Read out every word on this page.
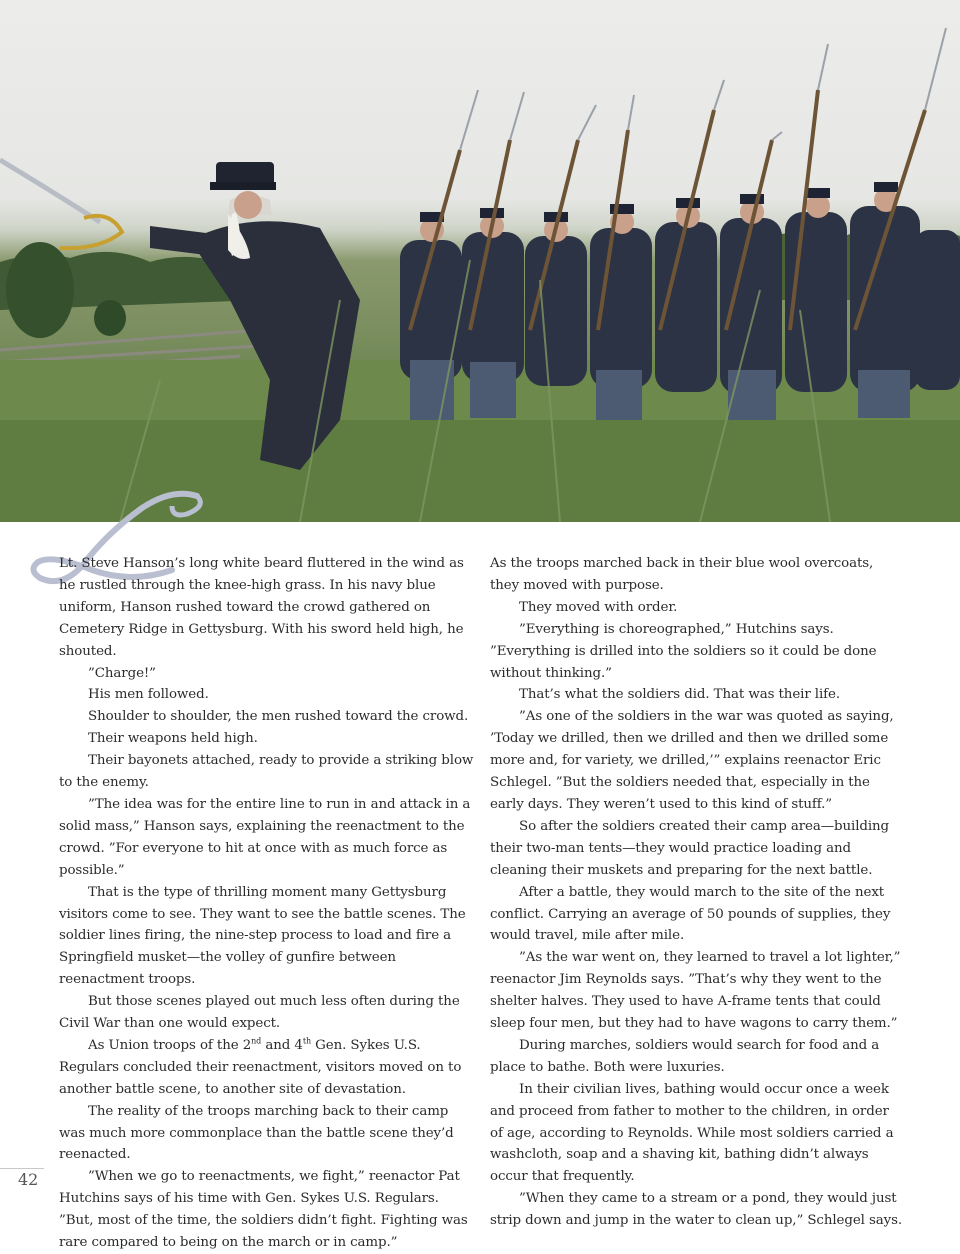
Lt. Steve Hanson’s long white beard fluttered in the wind as he rustled through the knee-high grass. In his navy blue uniform, Hanson rushed toward the crowd gathered on Cemetery Ridge in Gettysburg. With his sword held high, he shouted.

”Charge!”

His men followed.

Shoulder to shoulder, the men rushed toward the crowd.

Their weapons held high.

Their bayonets attached, ready to provide a striking blow to the enemy.

”The idea was for the entire line to run in and attack in a solid mass,” Hanson says, explaining the reenactment to the crowd. ”For everyone to hit at once with as much force as possible.”

That is the type of thrilling moment many Gettysburg visitors come to see. They want to see the battle scenes. The soldier lines firing, the nine-step process to load and fire a Springfield musket—the volley of gunfire between reenactment troops.

But those scenes played out much less often during the Civil War than one would expect.

As Union troops of the 2nd and 4th Gen. Sykes U.S. Regulars concluded their reenactment, visitors moved on to another battle scene, to another site of devastation.

The reality of the troops marching back to their camp was much more commonplace than the battle scene they’d reenacted.

”When we go to reenactments, we fight,” reenactor Pat Hutchins says of his time with Gen. Sykes U.S. Regulars. ”But, most of the time, the soldiers didn’t fight. Fighting was rare compared to being on the march or in camp.”

As the troops marched back in their blue wool overcoats, they moved with purpose.

They moved with order.

”Everything is choreographed,” Hutchins says. ”Everything is drilled into the soldiers so it could be done without thinking.”

That’s what the soldiers did. That was their life.

”As one of the soldiers in the war was quoted as saying, ’Today we drilled, then we drilled and then we drilled some more and, for variety, we drilled,’” explains reenactor Eric Schlegel. ”But the soldiers needed that, especially in the early days. They weren’t used to this kind of stuff.”

So after the soldiers created their camp area—building their two-man tents—they would practice loading and cleaning their muskets and preparing for the next battle.

After a battle, they would march to the site of the next conflict. Carrying an average of 50 pounds of supplies, they would travel, mile after mile.

”As the war went on, they learned to travel a lot lighter,” reenactor Jim Reynolds says. ”That’s why they went to the shelter halves. They used to have A-frame tents that could sleep four men, but they had to have wagons to carry them.”

During marches, soldiers would search for food and a place to bathe. Both were luxuries.

In their civilian lives, bathing would occur once a week and proceed from father to mother to the children, in order of age, according to Reynolds. While most soldiers carried a washcloth, soap and a shaving kit, bathing didn’t always occur that frequently.

”When they came to a stream or a pond, they would just strip down and jump in the water to clean up,” Schlegel says.

42
